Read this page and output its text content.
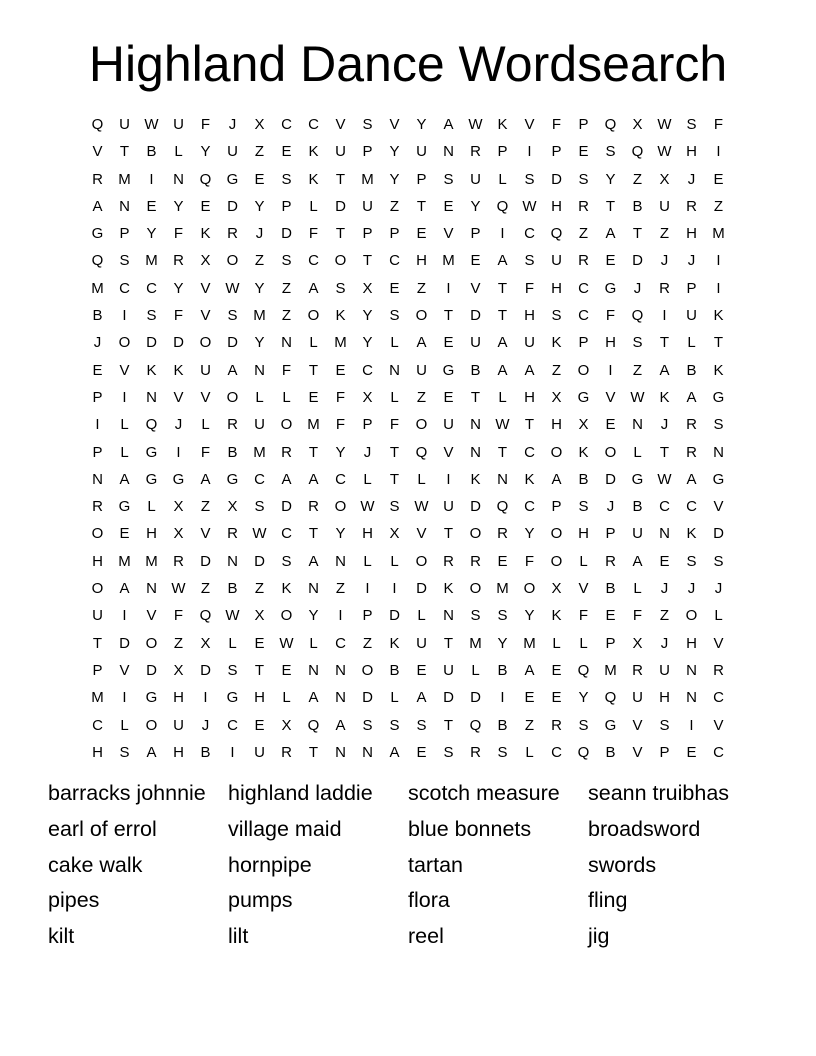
Highland Dance Wordsearch
Q	U W U	F	J	X	C	C	V	S	V	Y	A W K	V	F	P	Q	X W S	F
V	T	B	L	Y	U	Z	E	K	U	P	Y	U	N	R	P	I	P	E	S	Q W H	I
R	M	I	N	Q	G	E	S	K	T	M	Y	P	S	U	L	S	D	S	Y	Z	X	J	E
A	N	E	Y	E	D	Y	P	L	D	U	Z	T	E	Y	Q W H	R	T	B	U	R	Z
G	P	Y	F	K	R	J	D	F	T	P	P	E	V	P	I	C	Q	Z	A	T	Z	H	M
Q	S	M	R	X	O	Z	S	C	O	T	C	H	M	E	A	S	U	R	E	D	J	J	I
M	C	C	Y	V W Y	Z	A	S	X	E	Z	I	V	T	F	H	C	G	J	R	P	I
B	I	S	F	V	S	M	Z	O	K	Y	S	O	T	D	T	H	S	C	F	Q	I	U	K
J	O	D	D	O	D	Y	N	L	M	Y	L	A	E	U	A	U	K	P	H	S	T	L	T
E	V	K	K	U	A	N	F	T	E	C	N	U	G	B	A	A	Z	O	I	Z	A	B	K
P	I	N	V	V	O	L	L	E	F	X	L	Z	E	T	L	H	X	G	V W K	A	G
I	L	Q	J	L	R	U	O M	F	P	F	O	U	N W	T	H	X	E	N	J	R	S
P	L	G	I	F	B	M	R	T	Y	J	T	Q	V	N	T	C	O	K	O	L	T	R	N
N	A	G	G	A	G	C	A	A	C	L	T	L	I	K	N	K	A	B	D	G W A	G
R	G	L	X	Z	X	S	D	R	O W S W U	D	Q	C	P	S	J	B	C	C	V
O	E	H	X	V	R W C	T	Y	H	X	V	T	O	R	Y	O	H	P	U	N	K	D
H	M M	R	D	N	D	S	A	N	L	L	O	R	R	E	F	O	L	R	A	E	S	S
O	A	N W	Z	B	Z	K	N	Z	I	I	D	K	O M O	X	V	B	L	J	J	J
U	I	V	F	Q W X	O	Y	I	P	D	L	N	S	S	Y	K	F	E	F	Z	O	L
T	D	O	Z	X	L	E W	L	C	Z	K	U	T	M	Y	M	L	L	P	X	J	H	V
P	V	D	X	D	S	T	E	N	N	O	B	E	U	L	B	A	E	Q M	R	U	N	R
M	I	G	H	I	G	H	L	A	N	D	L	A	D	D	I	E	E	Y	Q	U	H	N	C
C	L	O	U	J	C	E	X	Q	A	S	S	S	T	Q	B	Z	R	S	G	V	S	I	V
H	S	A	H	B	I	U	R	T	N	N	A	E	S	R	S	L	C	Q	B	V	P	E	C
barracks johnnie	highland laddie	scotch measure	seann truibhas
earl of errol	village maid	blue bonnets	broadsword
cake walk	hornpipe	tartan	swords
pipes	pumps	flora	fling
kilt	lilt	reel	jig
